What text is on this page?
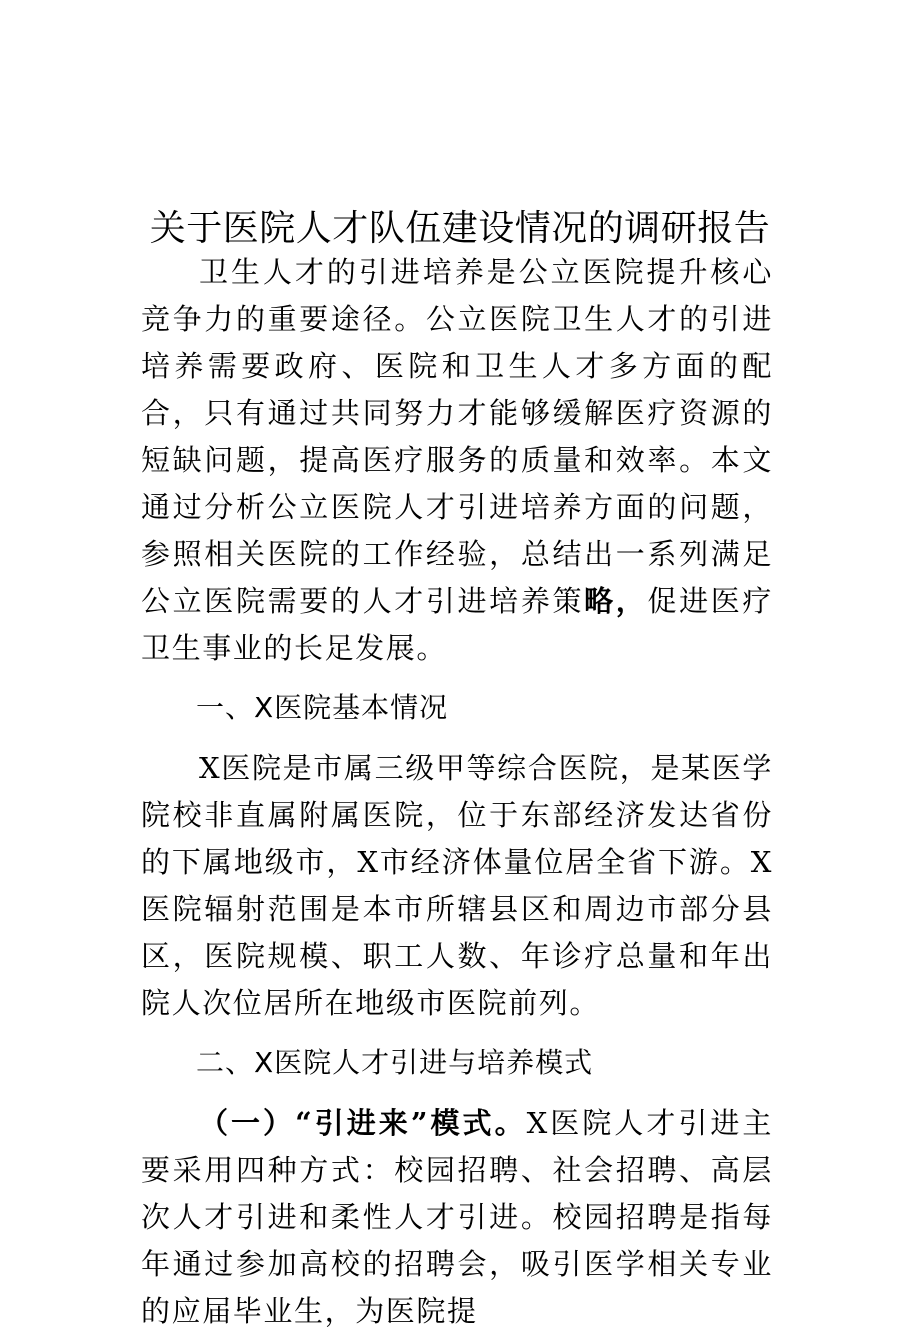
关于医院人才队伍建设情况的调研报告

卫生人才的引进培养是公立医院提升核心竞争力的重要途径。公立医院卫生人才的引进培养需要政府、医院和卫生人才多方面的配合，只有通过共同努力才能够缓解医疗资源的短缺问题，提高医疗服务的质量和效率。本文通过分析公立医院人才引进培养方面的问题，参照相关医院的工作经验，总结出一系列满足公立医院需要的人才引进培养策略，促进医疗卫生事业的长足发展。

一、X医院基本情况

X医院是市属三级甲等综合医院，是某医学院校非直属附属医院，位于东部经济发达省份的下属地级市，X市经济体量位居全省下游。X医院辐射范围是本市所辖县区和周边市部分县区，医院规模、职工人数、年诊疗总量和年出院人次位居所在地级市医院前列。

二、X医院人才引进与培养模式

（一）“引进来”模式。X医院人才引进主要采用四种方式：校园招聘、社会招聘、高层次人才引进和柔性人才引进。校园招聘是指每年通过参加高校的招聘会，吸引医学相关专业的应届毕业生，为医院提
